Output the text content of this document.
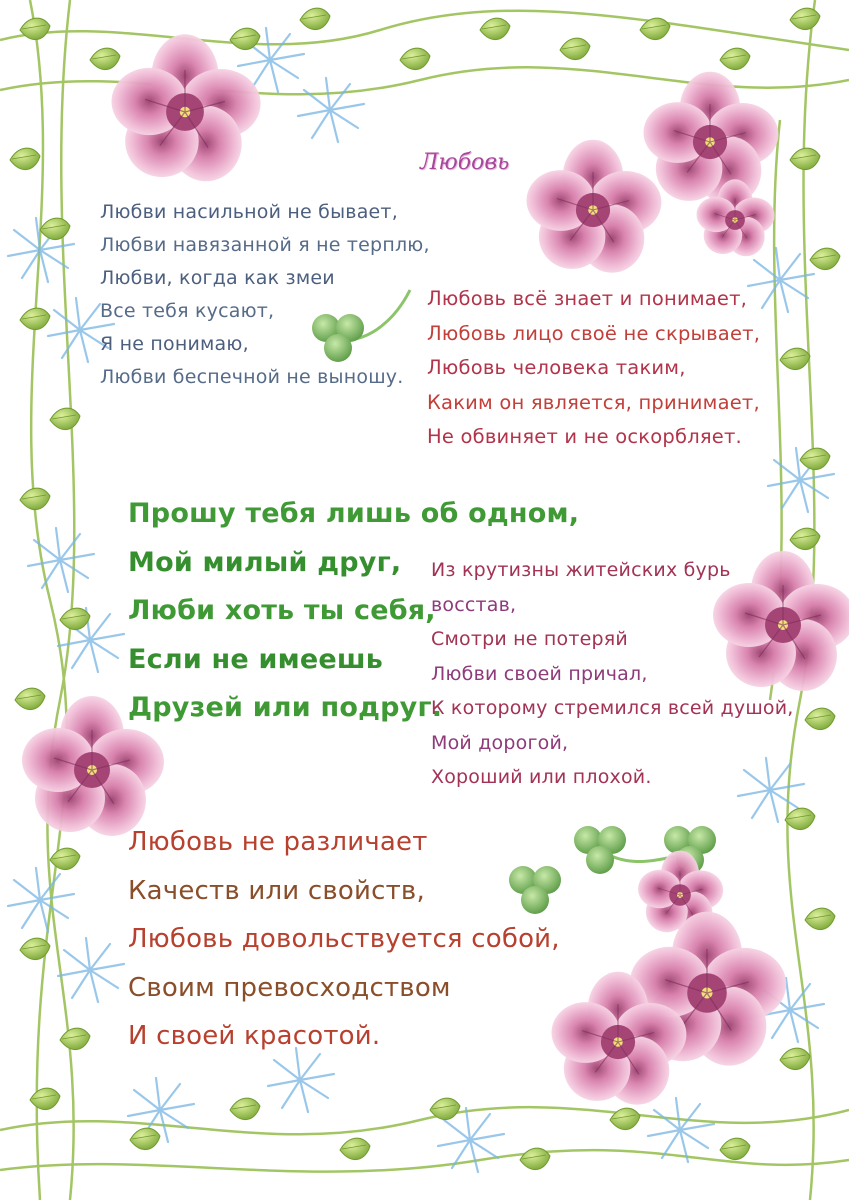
Любовь
Любви насильной не бывает,
Любви навязанной я не терплю,
Любви, когда как змеи
Все тебя кусают,
Я не понимаю,
Любви беспечной не выношу.
Любовь всё знает и понимает,
Любовь лицо своё не скрывает,
Любовь человека таким,
Каким он является, принимает,
Не обвиняет и не оскорбляет.
Прошу тебя лишь об одном,
Мой милый друг,
Люби хоть ты себя,
Если не имеешь
Друзей или подруг.
Из крутизны житейских бурь
восстав,
Смотри не потеряй
Любви своей причал,
К которому стремился всей душой,
Мой дорогой,
Хороший или плохой.
Любовь не различает
Качеств или свойств,
Любовь довольствуется собой,
Своим превосходством
И своей красотой.
